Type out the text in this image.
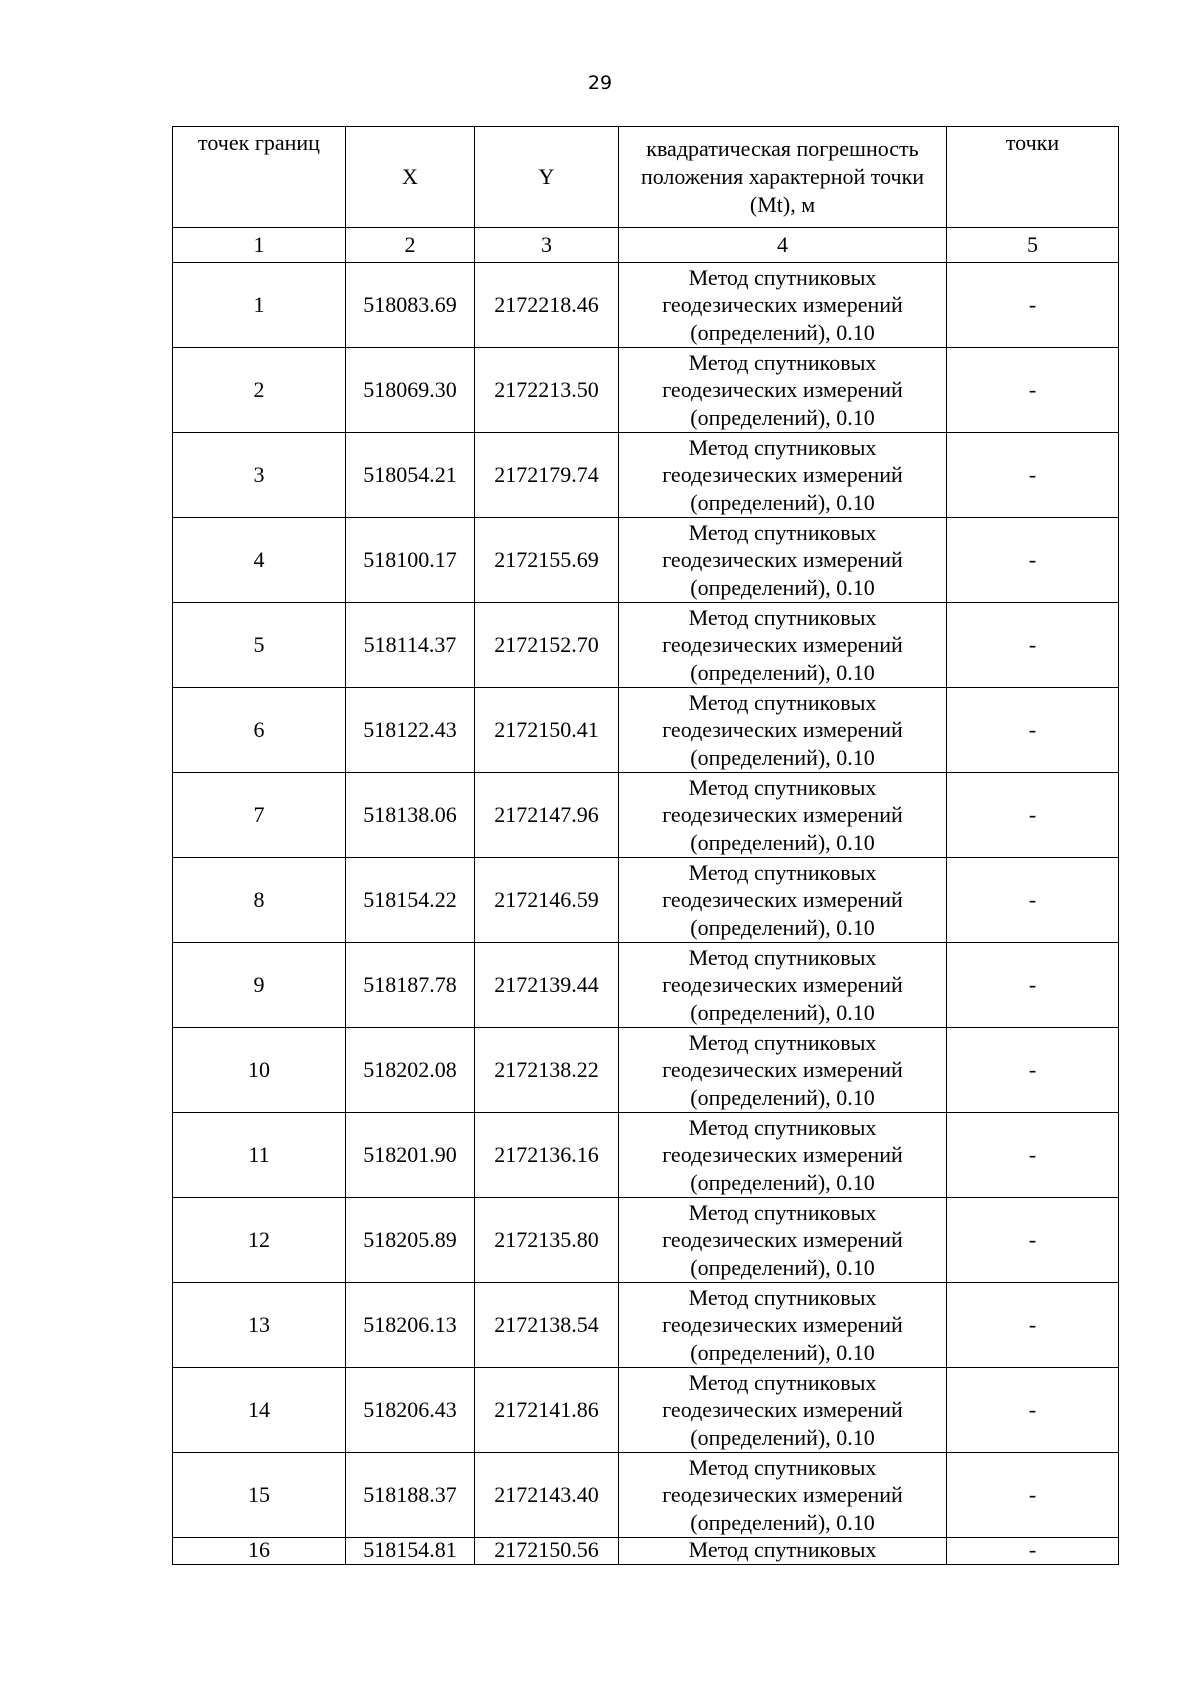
29
точек границ	X	Y	квадратическая погрешность положения характерной точки (Mt), м	точки
1	2	3	4	5
1	518083.69	2172218.46	Метод спутниковых
геодезических измерений
(определений), 0.10	-
2	518069.30	2172213.50	Метод спутниковых
геодезических измерений
(определений), 0.10	-
3	518054.21	2172179.74	Метод спутниковых
геодезических измерений
(определений), 0.10	-
4	518100.17	2172155.69	Метод спутниковых
геодезических измерений
(определений), 0.10	-
5	518114.37	2172152.70	Метод спутниковых
геодезических измерений
(определений), 0.10	-
6	518122.43	2172150.41	Метод спутниковых
геодезических измерений
(определений), 0.10	-
7	518138.06	2172147.96	Метод спутниковых
геодезических измерений
(определений), 0.10	-
8	518154.22	2172146.59	Метод спутниковых
геодезических измерений
(определений), 0.10	-
9	518187.78	2172139.44	Метод спутниковых
геодезических измерений
(определений), 0.10	-
10	518202.08	2172138.22	Метод спутниковых
геодезических измерений
(определений), 0.10	-
11	518201.90	2172136.16	Метод спутниковых
геодезических измерений
(определений), 0.10	-
12	518205.89	2172135.80	Метод спутниковых
геодезических измерений
(определений), 0.10	-
13	518206.13	2172138.54	Метод спутниковых
геодезических измерений
(определений), 0.10	-
14	518206.43	2172141.86	Метод спутниковых
геодезических измерений
(определений), 0.10	-
15	518188.37	2172143.40	Метод спутниковых
геодезических измерений
(определений), 0.10	-
16	518154.81	2172150.56	Метод спутниковых	-
